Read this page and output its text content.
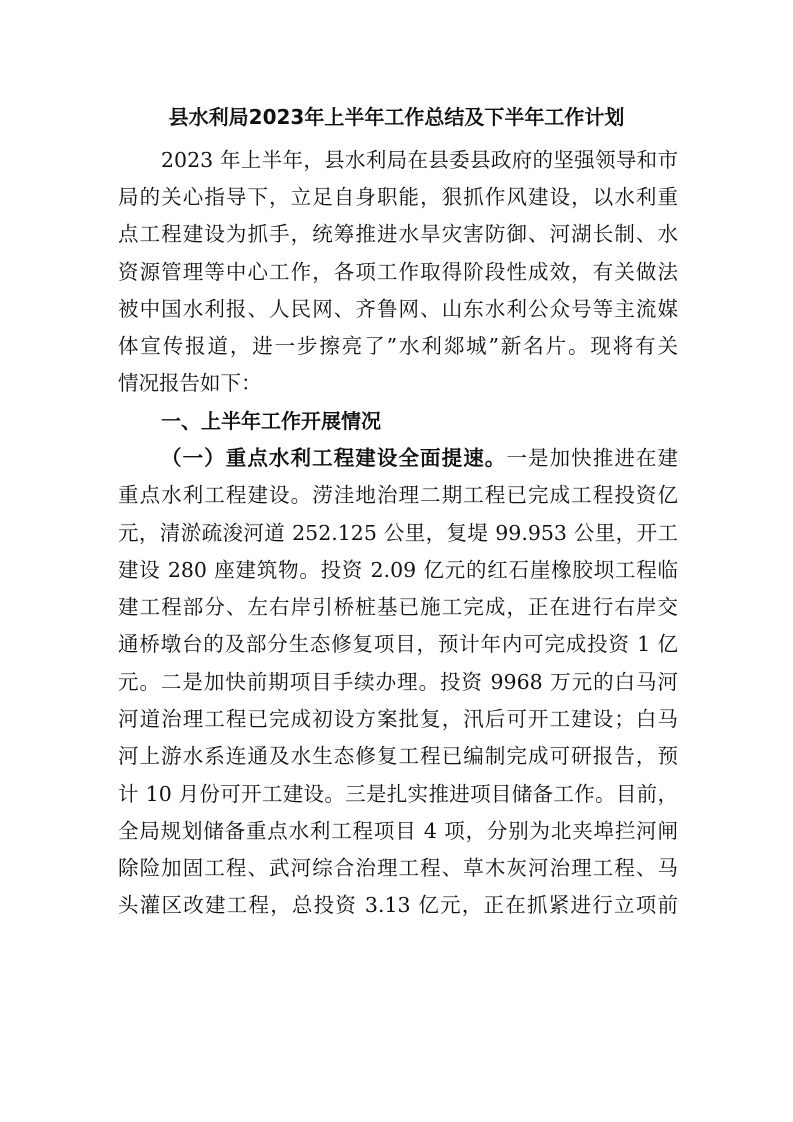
县水利局2023年上半年工作总结及下半年工作计划
2023 年上半年，县水利局在县委县政府的坚强领导和市
局的关心指导下，立足自身职能，狠抓作风建设，以水利重
点工程建设为抓手，统筹推进水旱灾害防御、河湖长制、水
资源管理等中心工作，各项工作取得阶段性成效，有关做法
被中国水利报、人民网、齐鲁网、山东水利公众号等主流媒
体宣传报道，进一步擦亮了”水利郯城”新名片。现将有关
情况报告如下：
一、上半年工作开展情况
（一）重点水利工程建设全面提速。一是加快推进在建
重点水利工程建设。涝洼地治理二期工程已完成工程投资亿
元，清淤疏浚河道 252.125 公里，复堤 99.953 公里，开工
建设 280 座建筑物。投资 2.09 亿元的红石崖橡胶坝工程临
建工程部分、左右岸引桥桩基已施工完成，正在进行右岸交
通桥墩台的及部分生态修复项目，预计年内可完成投资 1 亿
元。二是加快前期项目手续办理。投资 9968 万元的白马河
河道治理工程已完成初设方案批复，汛后可开工建设；白马
河上游水系连通及水生态修复工程已编制完成可研报告，预
计 10 月份可开工建设。三是扎实推进项目储备工作。目前，
全局规划储备重点水利工程项目 4 项，分别为北夹埠拦河闸
除险加固工程、武河综合治理工程、草木灰河治理工程、马
头灌区改建工程，总投资 3.13 亿元，正在抓紧进行立项前
